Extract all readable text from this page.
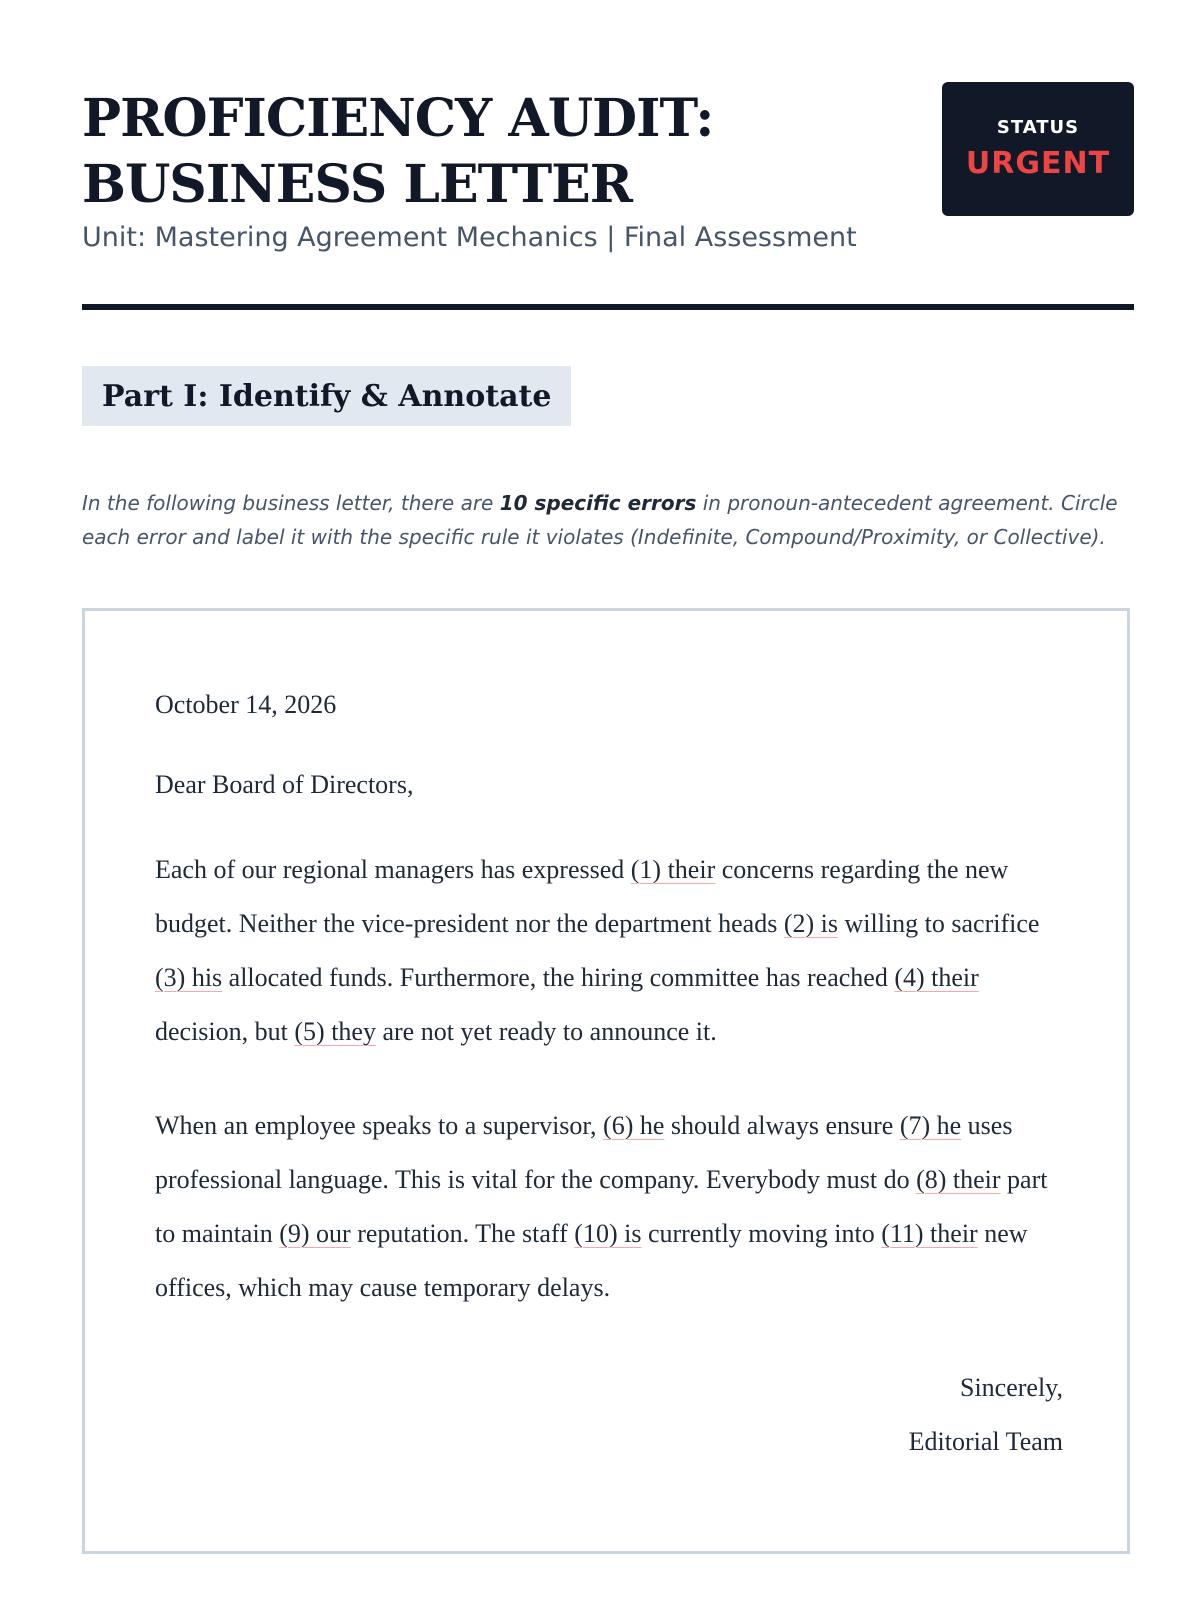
PROFICIENCY AUDIT:
BUSINESS LETTER
Unit: Mastering Agreement Mechanics | Final Assessment
STATUS
URGENT
Part I: Identify & Annotate

In the following business letter, there are 10 specific errors in pronoun-antecedent agreement. Circle each error and label it with the specific rule it violates (Indefinite, Compound/Proximity, or Collective).

October 14, 2026
Dear Board of Directors,

Each of our regional managers has expressed (1) their concerns regarding the new budget. Neither the vice-president nor the department heads (2) is willing to sacrifice (3) his allocated funds. Furthermore, the hiring committee has reached (4) their decision, but (5) they are not yet ready to announce it.

When an employee speaks to a supervisor, (6) he should always ensure (7) he uses professional language. This is vital for the company. Everybody must do (8) their part to maintain (9) our reputation. The staff (10) is currently moving into (11) their new offices, which may cause temporary delays.

Sincerely,
Editorial Team
